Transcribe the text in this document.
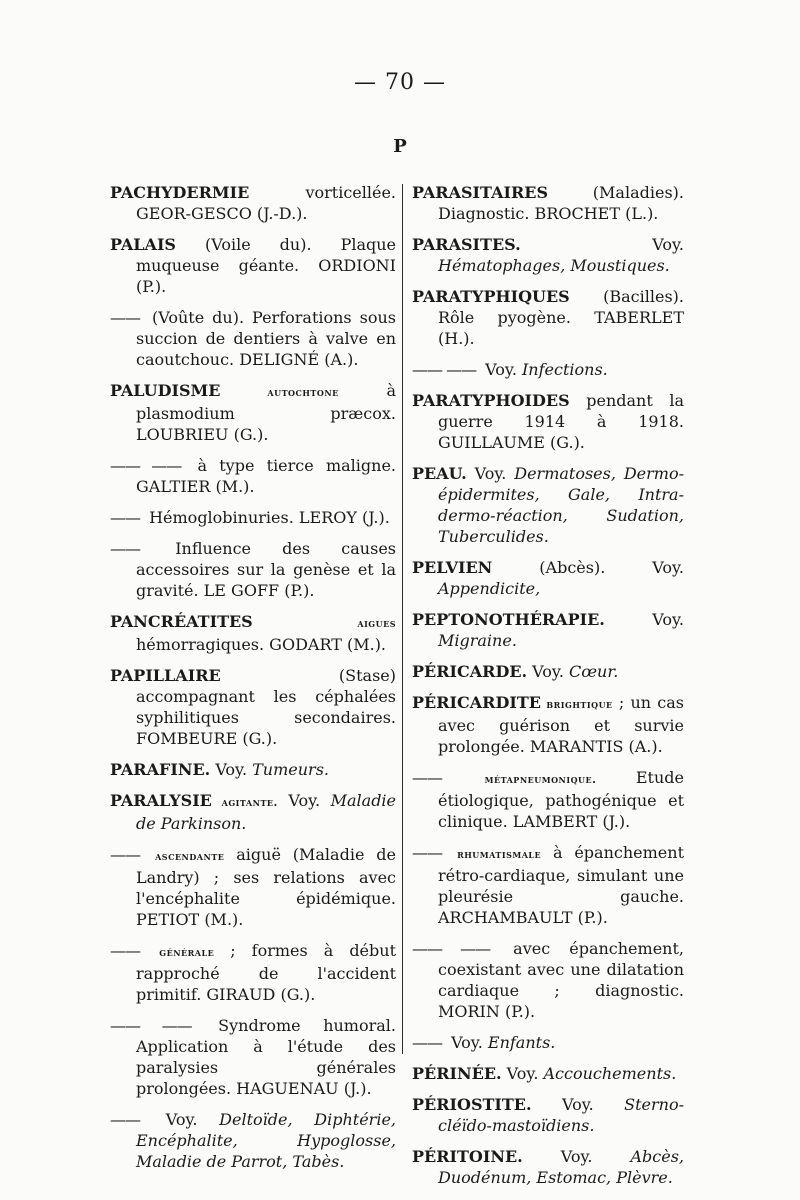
— 70 —
P

PACHYDERMIE vorticellée. GEOR-GESCO (J.-D.).

PALAIS (Voile du). Plaque muqueuse géante. ORDIONI (P.).

—— (Voûte du). Perforations sous succion de dentiers à valve en caoutchouc. DELIGNÉ (A.).

PALUDISME autochtone à plasmodium præcox. LOUBRIEU (G.).

—— —— à type tierce maligne. GALTIER (M.).

—— Hémoglobinuries. LEROY (J.).

—— Influence des causes accessoires sur la genèse et la gravité. LE GOFF (P.).

PANCRÉATITES aigues hémorragiques. GODART (M.).

PAPILLAIRE (Stase) accompagnant les céphalées syphilitiques secondaires. FOMBEURE (G.).

PARAFINE. Voy. Tumeurs.

PARALYSIE agitante. Voy. Maladie de Parkinson.

—— ascendante aiguë (Maladie de Landry) ; ses relations avec l'encéphalite épidémique. PETIOT (M.).

—— générale ; formes à début rapproché de l'accident primitif. GIRAUD (G.).

—— —— Syndrome humoral. Application à l'étude des paralysies générales prolongées. HAGUENAU (J.).

—— Voy. Deltoïde, Diphtérie, Encéphalite, Hypoglosse, Maladie de Parrot, Tabès.

PARASITAIRES (Maladies). Diagnostic. BROCHET (L.).

PARASITES. Voy. Hématophages, Moustiques.

PARATYPHIQUES (Bacilles). Rôle pyogène. TABERLET (H.).

—— —— Voy. Infections.

PARATYPHOIDES pendant la guerre 1914 à 1918. GUILLAUME (G.).

PEAU. Voy. Dermatoses, Dermo-épidermites, Gale, Intra-dermo-réaction, Sudation, Tuberculides.

PELVIEN (Abcès). Voy. Appendicite,

PEPTONOTHÉRAPIE. Voy. Migraine.

PÉRICARDE. Voy. Cœur.

PÉRICARDITE brightique ; un cas avec guérison et survie prolongée. MARANTIS (A.).

—— métapneumonique. Etude étiologique, pathogénique et clinique. LAMBERT (J.).

—— rhumatismale à épanchement rétro-cardiaque, simulant une pleurésie gauche. ARCHAMBAULT (P.).

—— —— avec épanchement, coexistant avec une dilatation cardiaque ; diagnostic. MORIN (P.).

—— Voy. Enfants.

PÉRINÉE. Voy. Accouchements.

PÉRIOSTITE. Voy. Sterno-cléïdo-mastoïdiens.

PÉRITOINE. Voy. Abcès, Duodénum, Estomac, Plèvre.
